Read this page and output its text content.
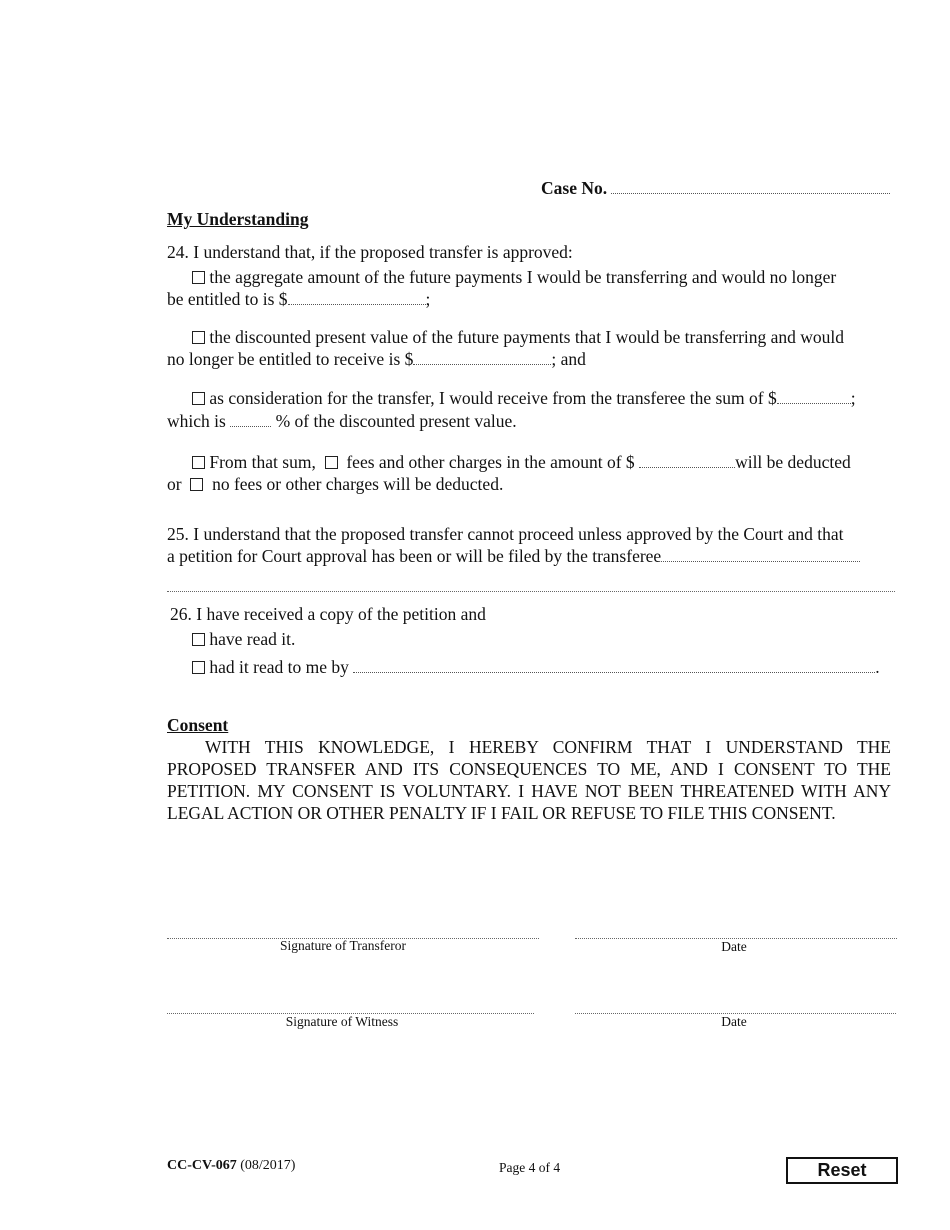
Case No.
My Understanding
24. I understand that, if the proposed transfer is approved:
the aggregate amount of the future payments I would be transferring and would no longer
be entitled to is $	;
the discounted present value of the future payments that I would be transferring and would
no longer be entitled to receive is $	; and
as consideration for the transfer, I would receive from the transferee the sum of $	;
which is  % of the discounted present value.
From that sum, fees and other charges in the amount of $	will be deducted
or no fees or other charges will be deducted.
25. I understand that the proposed transfer cannot proceed unless approved by the Court and that
a petition for Court approval has been or will be filed by the transferee
26. I have received a copy of the petition and
have read it.
had it read to me by	.
Consent
WITH THIS KNOWLEDGE, I HEREBY CONFIRM THAT I UNDERSTAND THE PROPOSED TRANSFER AND ITS CONSEQUENCES TO ME, AND I CONSENT TO THE PETITION. MY CONSENT IS VOLUNTARY. I HAVE NOT BEEN THREATENED WITH ANY LEGAL ACTION OR OTHER PENALTY IF I FAIL OR REFUSE TO FILE THIS CONSENT.
Signature of Transferor	Date
Signature of Witness	Date
CC-CV-067 (08/2017)	Page 4 of 4	Reset
